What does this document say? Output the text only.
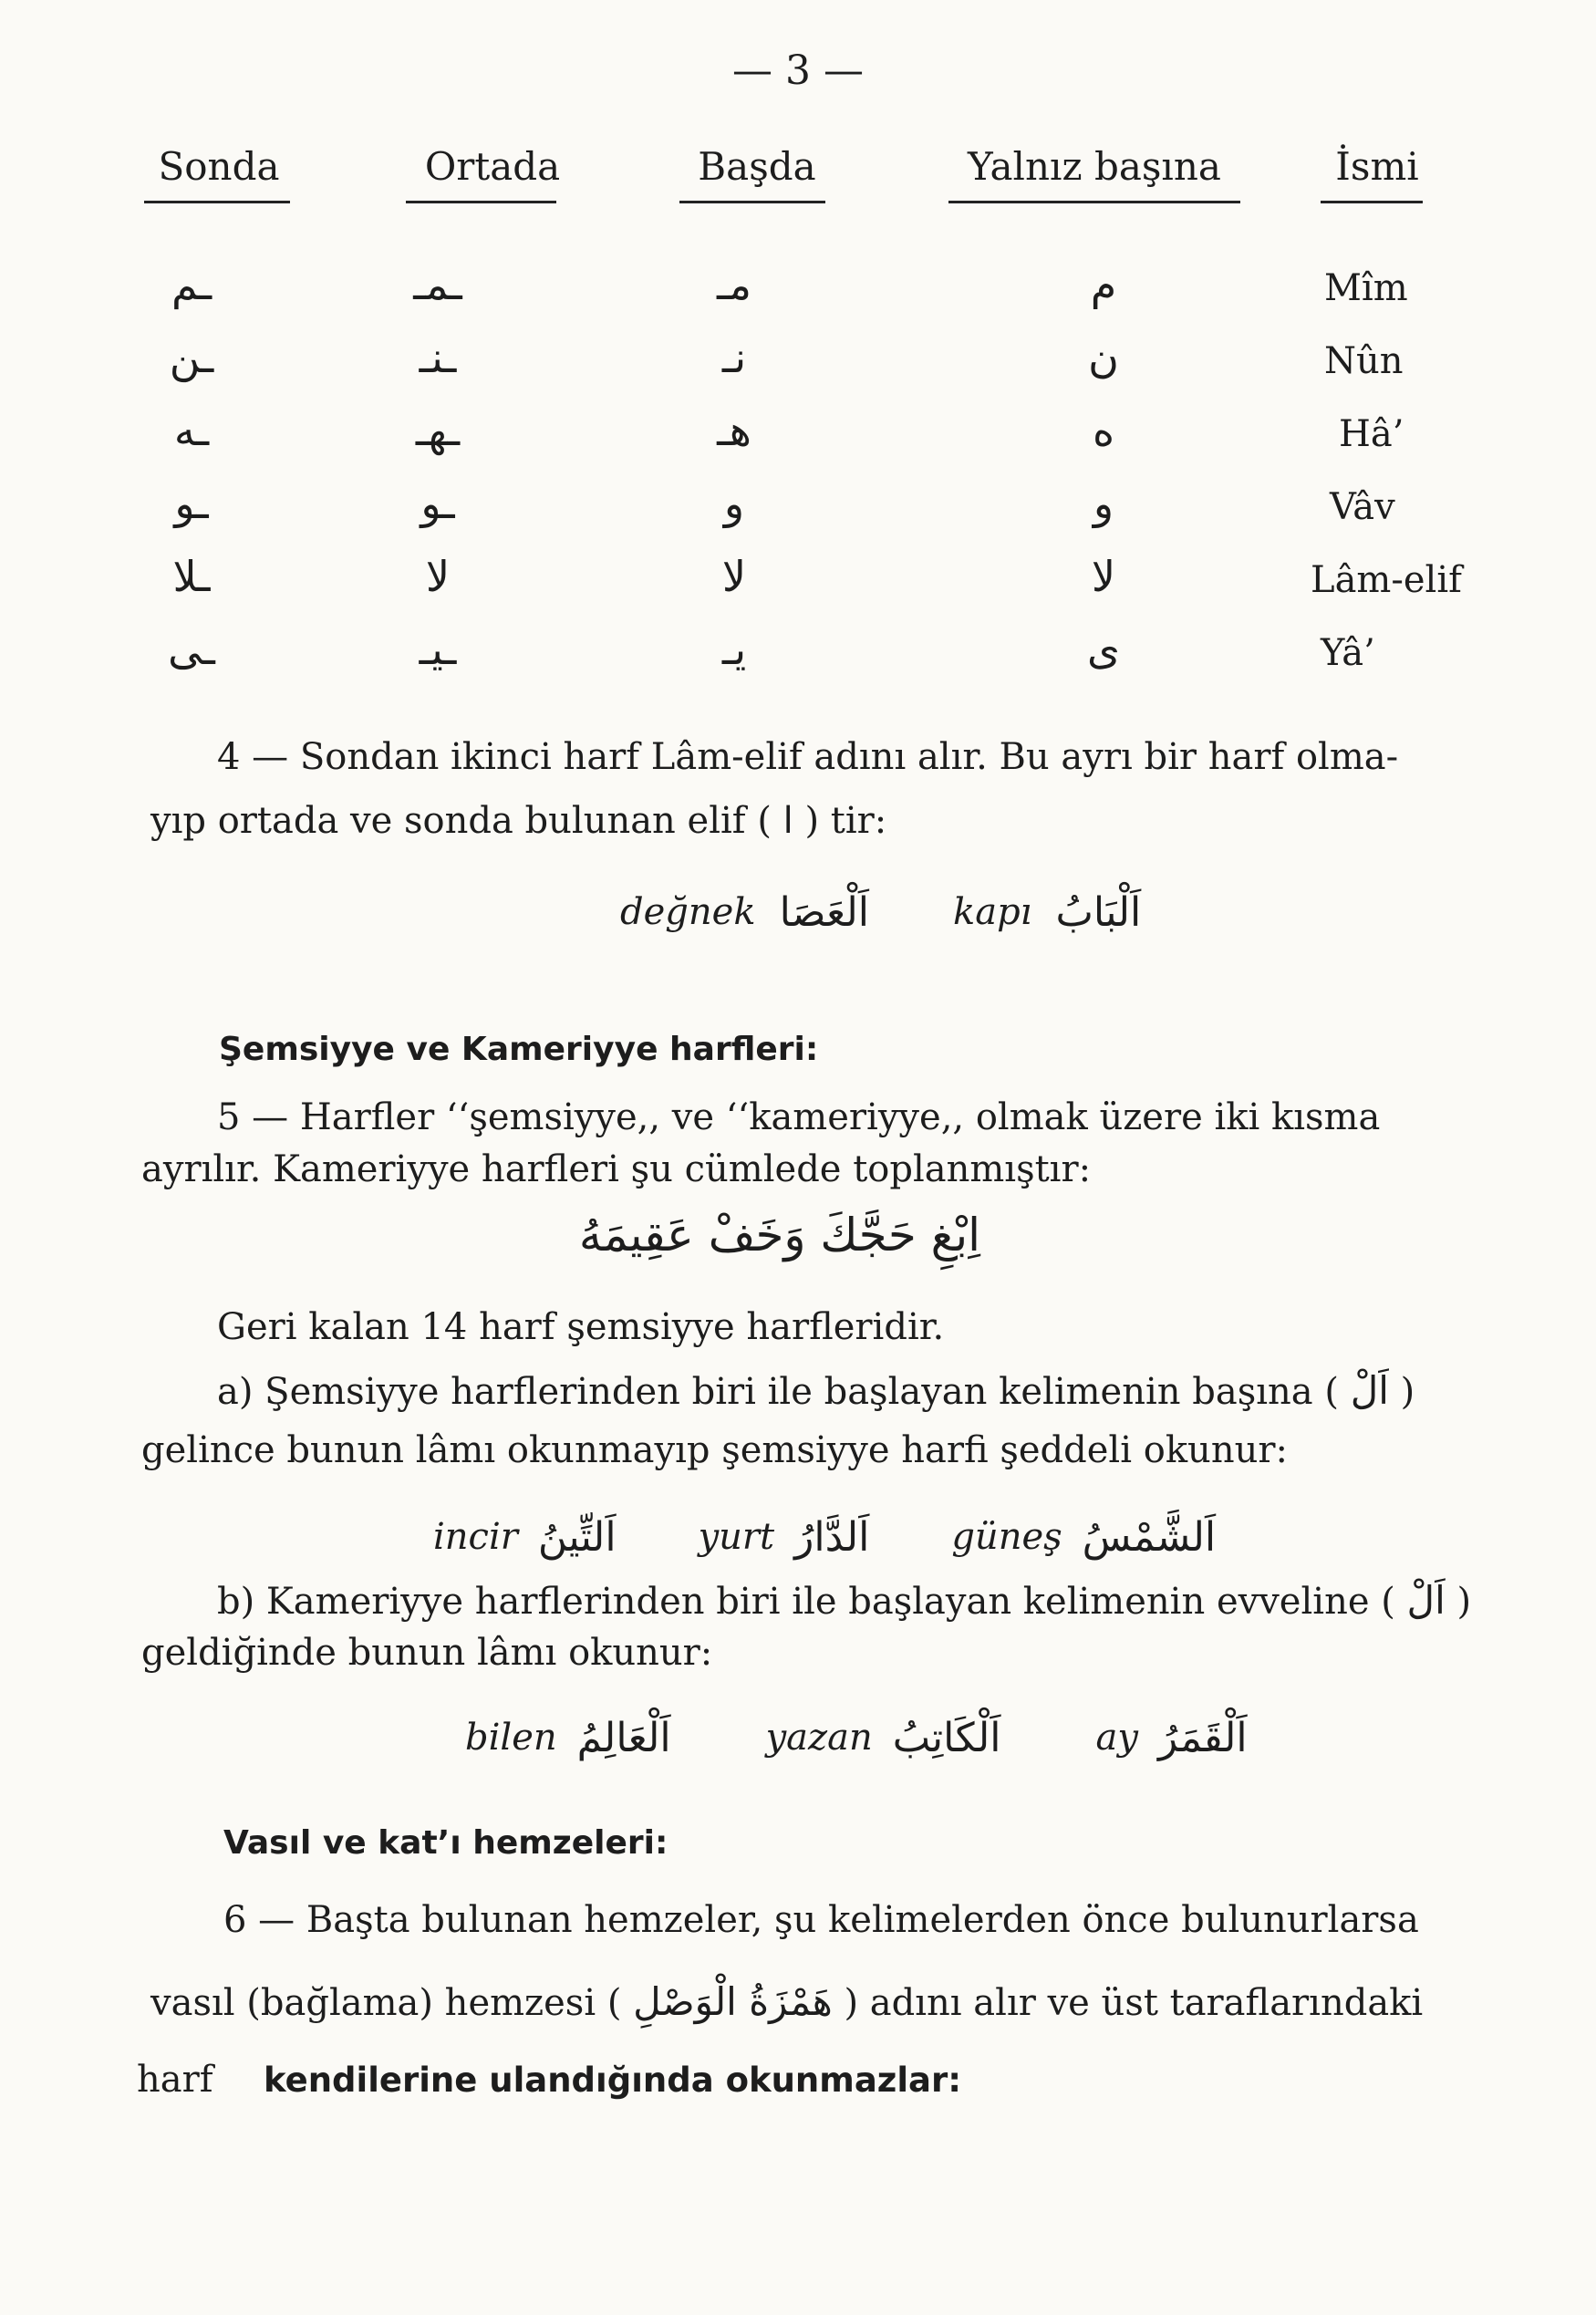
— 3 —
Sonda	Ortada	Başda	Yalnız başına	İsmi
ـم	ـمـ	مـ	م	Mîm
ـن	ـنـ	نـ	ن	Nûn
ـه	ـهـ	هـ	ه	Hâ’
ـو	ـو	و	و	Vâv
ـلا	لا	لا	لا	Lâm-elif
ـى	ـيـ	يـ	ى	Yâ’
4 — Sondan ikinci harf Lâm-elif adını alır. Bu ayrı bir harf olma-
yıp ortada ve sonda bulunan elif ( ا ) tir:
değnek اَلْعَصَا kapı اَلْبَابُ
Şemsiyye ve Kameriyye harfleri:
5 — Harfler ‘‘şemsiyye,, ve ‘‘kameriyye,, olmak üzere iki kısma
ayrılır. Kameriyye harfleri şu cümlede toplanmıştır:
اِبْغِ حَجَّكَ وَخَفْ عَقِيمَهُ
Geri kalan 14 harf şemsiyye harfleridir.
a) Şemsiyye harflerinden biri ile başlayan kelimenin başına ( اَلْ )
gelince bunun lâmı okunmayıp şemsiyye harfi şeddeli okunur:
incir اَلتِّينُ yurt اَلدَّارُ güneş اَلشَّمْسُ
b) Kameriyye harflerinden biri ile başlayan kelimenin evveline ( اَلْ )
geldiğinde bunun lâmı okunur:
bilen اَلْعَالِمُ	yazan اَلْكَاتِبُ	ay اَلْقَمَرُ
Vasıl ve kat’ı hemzeleri:
6 — Başta bulunan hemzeler, şu kelimelerden önce bulunurlarsa
vasıl (bağlama) hemzesi ( هَمْزَةُ الْوَصْلِ ) adını alır ve üst taraflarındaki
harf kendilerine ulandığında okunmazlar:
